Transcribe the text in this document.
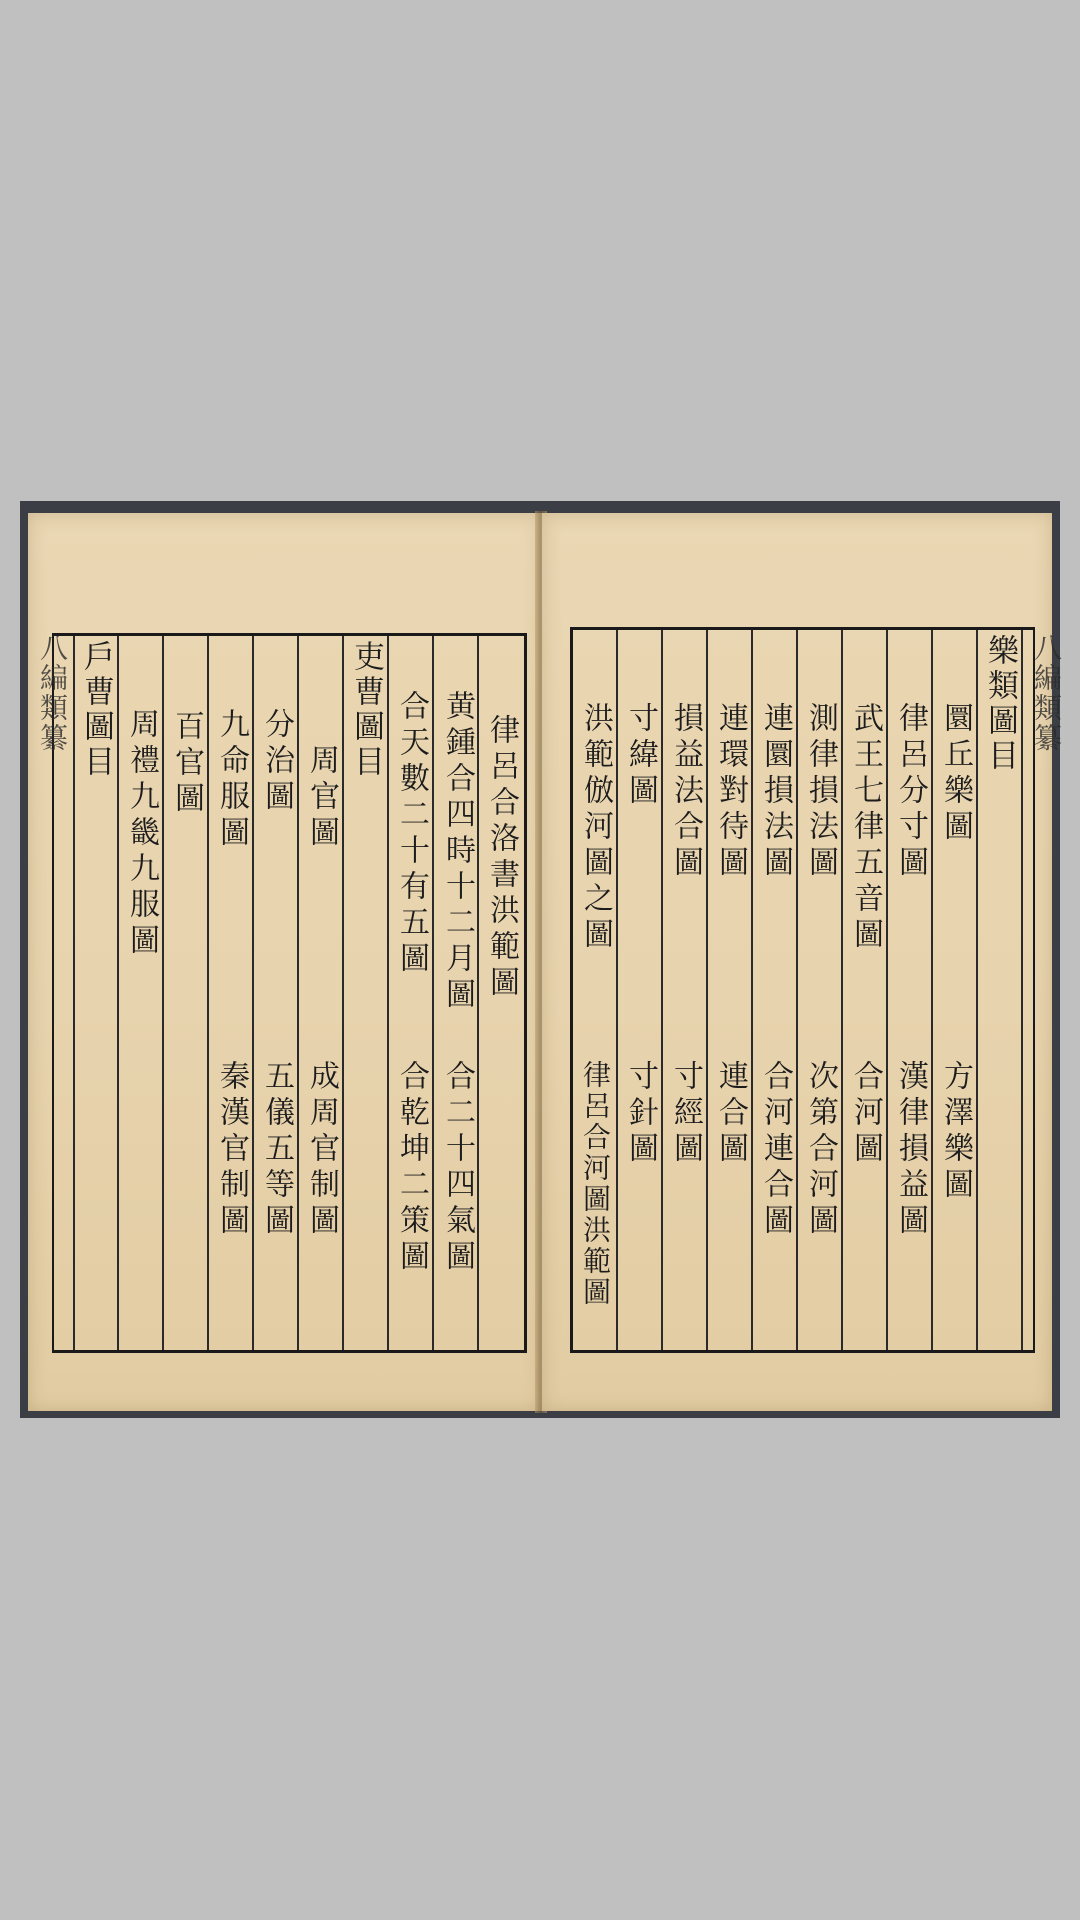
律呂合洛書洪範圖
黄鍾合四時十二月圖
合二十四氣圖
合天數二十有五圖
合乾坤二策圖
吏曹圖目
周官圖
成周官制圖
分治圖
五儀五等圖
九命服圖
秦漢官制圖
百官圖
周禮九畿九服圖
戶曹圖目
八編類纂	樂類圖目
圜丘樂圖
方澤樂圖
律呂分寸圖
漢律損益圖
武王七律五音圖
合河圖
測律損法圖
次第合河圖
連圜損法圖
合河連合圖
連環對待圖
連合圖
損益法合圖
寸經圖
寸緯圖
寸針圖
洪範倣河圖之圖
律呂合河圖洪範圖
八編類纂
